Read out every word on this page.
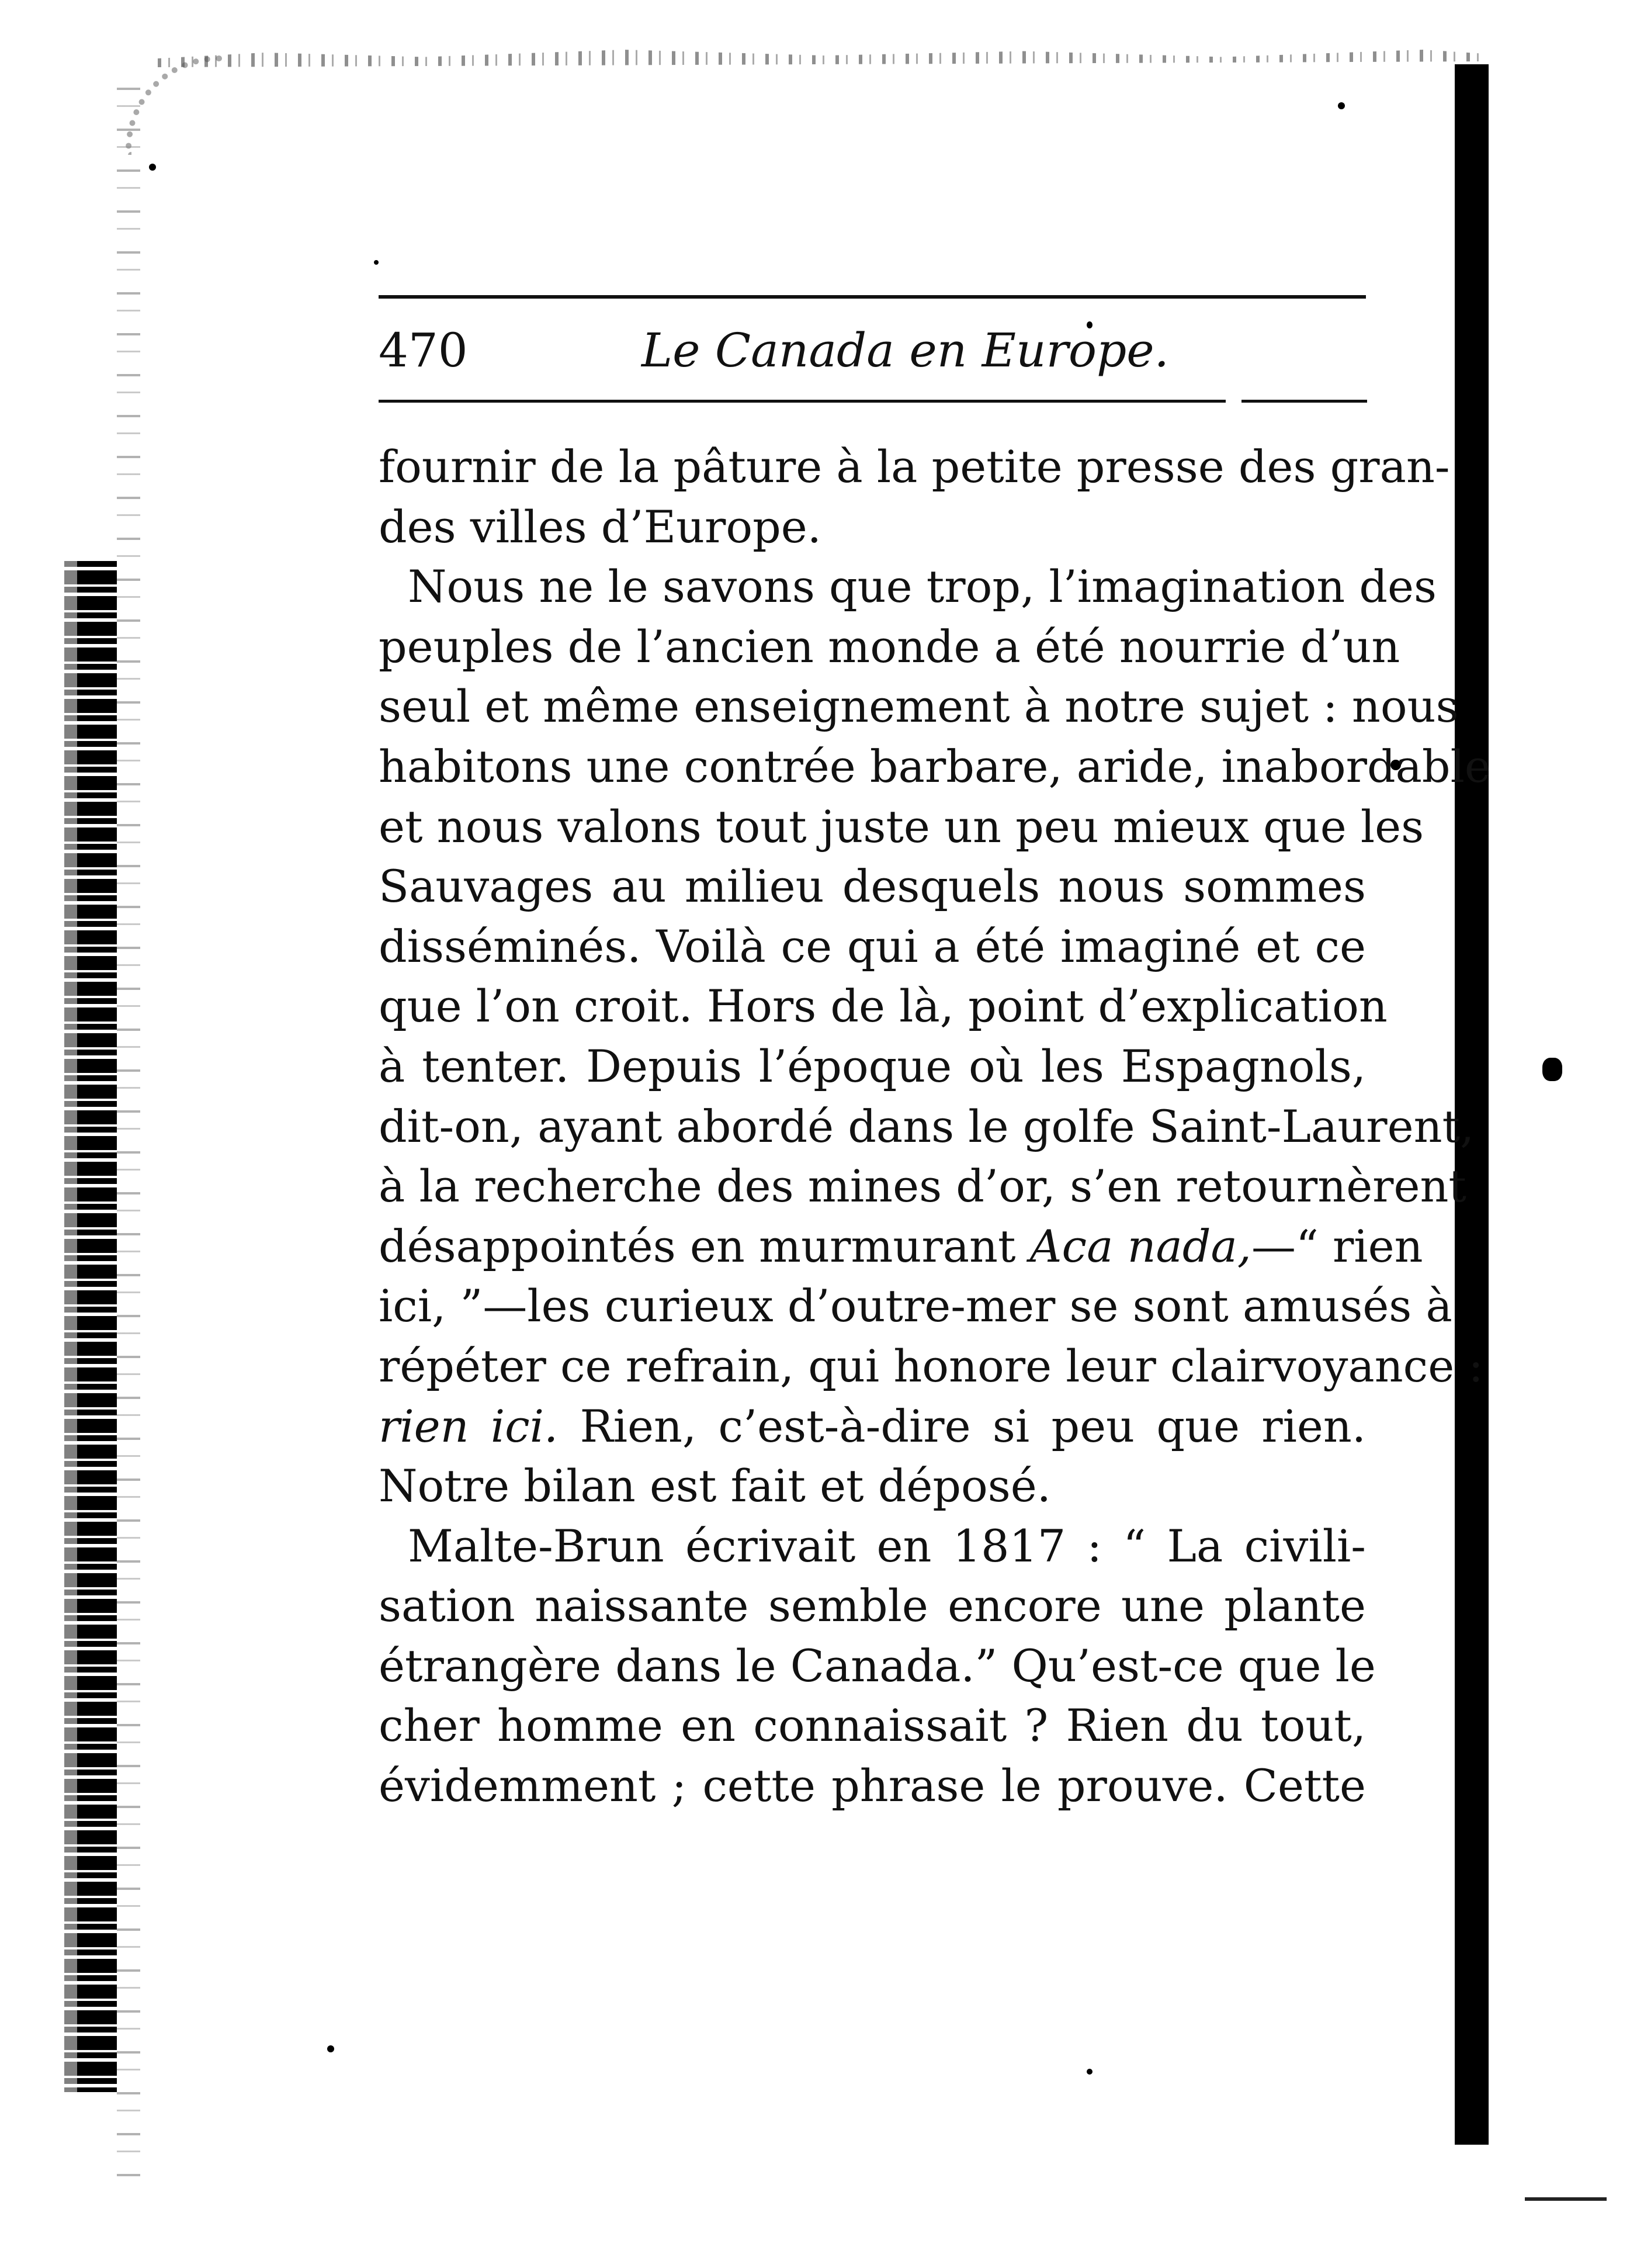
470	Le Canada en Europe.
fournir de la pâture à la petite presse des gran-
des villes d’Europe.
Nous ne le savons que trop, l’imagination des
peuples de l’ancien monde a été nourrie d’un
seul et même enseignement à notre sujet : nous
habitons une contrée barbare, aride, inabordable
et nous valons tout juste un peu mieux que les
Sauvages au milieu desquels nous sommes
disséminés. Voilà ce qui a été imaginé et ce
que l’on croit. Hors de là, point d’explication
à tenter. Depuis l’époque où les Espagnols,
dit-on, ayant abordé dans le golfe Saint-Laurent,
à la recherche des mines d’or, s’en retournèrent
désappointés en murmurant Aca nada,—“ rien
ici, ”—les curieux d’outre-mer se sont amusés à
répéter ce refrain, qui honore leur clairvoyance :
rien ici. Rien, c’est-à-dire si peu que rien.
Notre bilan est fait et déposé.
Malte-Brun écrivait en 1817 : “ La civili-
sation naissante semble encore une plante
étrangère dans le Canada.” Qu’est-ce que le
cher homme en connaissait ? Rien du tout,
évidemment ; cette phrase le prouve. Cette
